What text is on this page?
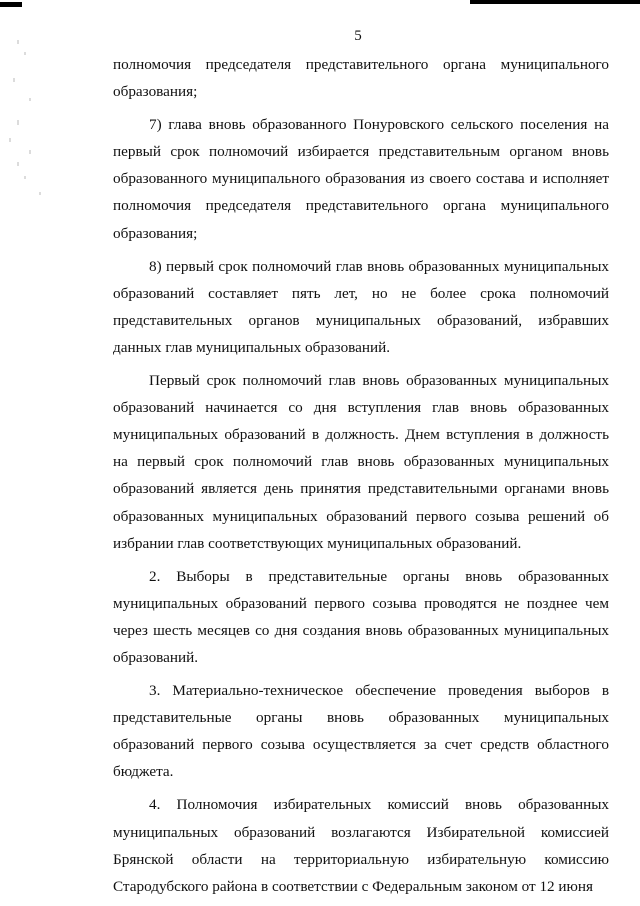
5

полномочия председателя представительного органа муниципального образования;

7) глава вновь образованного Понуровского сельского поселения на первый срок полномочий избирается представительным органом вновь образованного муниципального образования из своего состава и исполняет полномочия председателя представительного органа муниципального образования;

8) первый срок полномочий глав вновь образованных муниципальных образований составляет пять лет, но не более срока полномочий представительных органов муниципальных образований, избравших данных глав муниципальных образований.

Первый срок полномочий глав вновь образованных муниципальных образований начинается со дня вступления глав вновь образованных муниципальных образований в должность. Днем вступления в должность на первый срок полномочий глав вновь образованных муниципальных образований является день принятия представительными органами вновь образованных муниципальных образований первого созыва решений об избрании глав соответствующих муниципальных образований.

2. Выборы в представительные органы вновь образованных муниципальных образований первого созыва проводятся не позднее чем через шесть месяцев со дня создания вновь образованных муниципальных образований.

3. Материально-техническое обеспечение проведения выборов в представительные органы вновь образованных муниципальных образований первого созыва осуществляется за счет средств областного бюджета.

4. Полномочия избирательных комиссий вновь образованных муниципальных образований возлагаются Избирательной комиссией Брянской области на территориальную избирательную комиссию Стародубского района в соответствии с Федеральным законом от 12 июня
